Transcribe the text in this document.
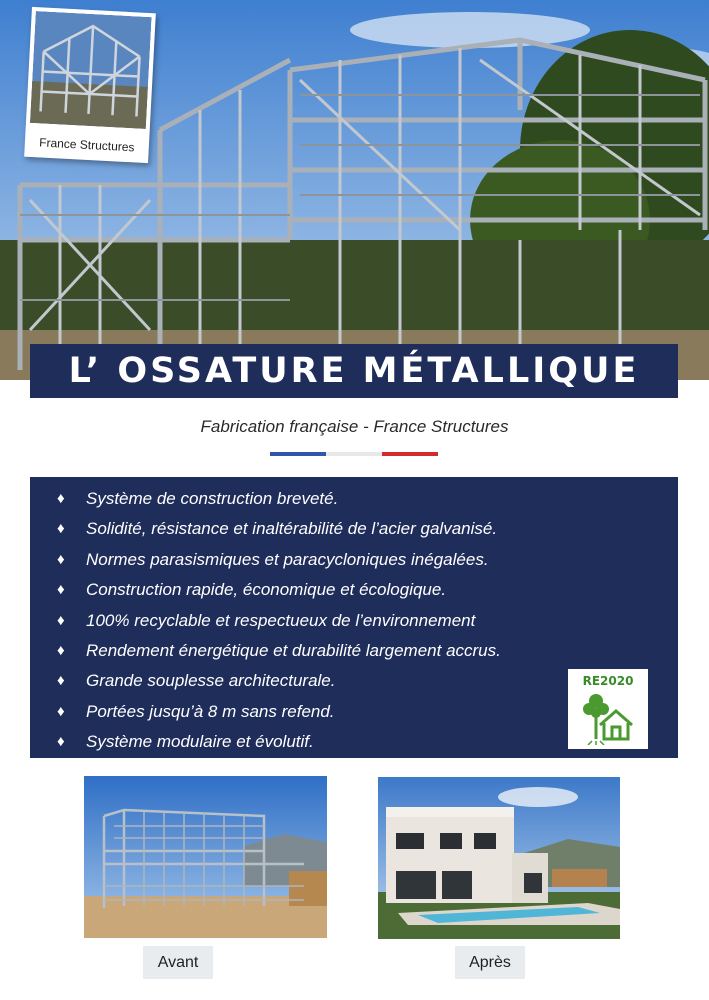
France Structures
L’ OSSATURE MÉTALLIQUE
Fabrication française - France Structures
♦ Système de construction breveté.
♦ Solidité, résistance et inaltérabilité de l’acier galvanisé.
♦ Normes parasismiques et paracycloniques inégalées.
♦ Construction rapide, économique et écologique.
♦ 100% recyclable et respectueux de l’environnement
♦ Rendement énergétique et durabilité largement accrus.
♦ Grande souplesse architecturale.
♦ Portées jusqu’à 8 m sans refend.
♦ Système modulaire et évolutif.
RE2020
Avant	Après
